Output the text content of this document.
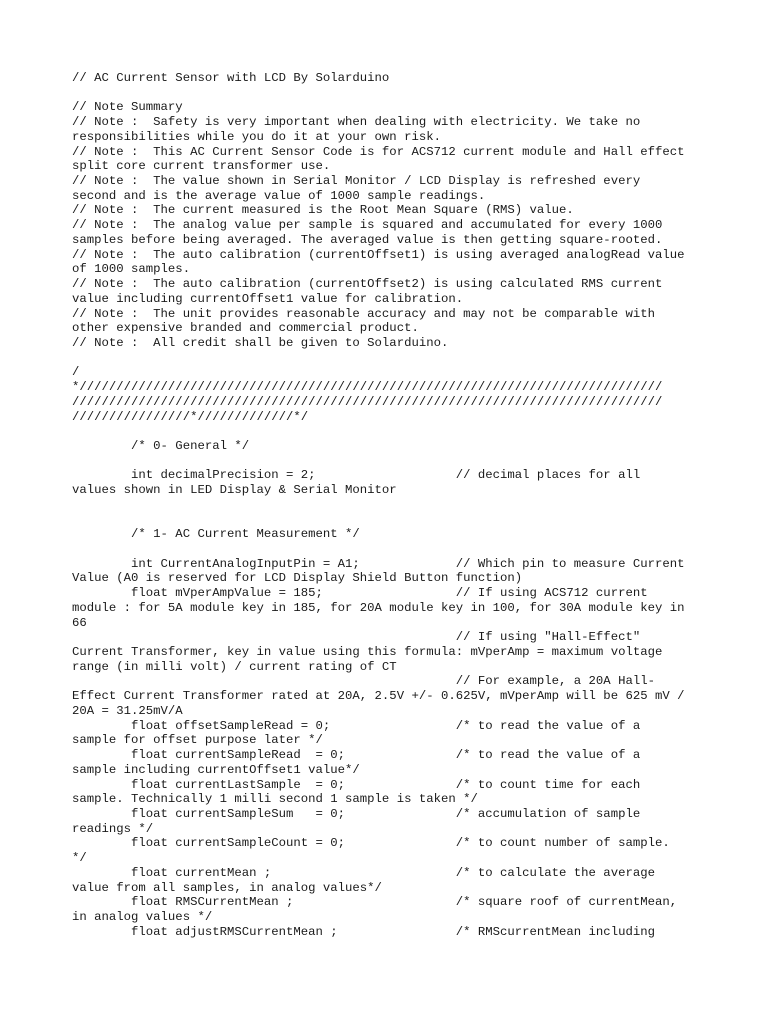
// AC Current Sensor with LCD By Solarduino
// Note Summary
// Note :  Safety is very important when dealing with electricity. We take no
responsibilities while you do it at your own risk.
// Note :  This AC Current Sensor Code is for ACS712 current module and Hall effect
split core current transformer use.
// Note :  The value shown in Serial Monitor / LCD Display is refreshed every
second and is the average value of 1000 sample readings.
// Note :  The current measured is the Root Mean Square (RMS) value.
// Note :  The analog value per sample is squared and accumulated for every 1000
samples before being averaged. The averaged value is then getting square-rooted.
// Note :  The auto calibration (currentOffset1) is using averaged analogRead value
of 1000 samples.
// Note :  The auto calibration (currentOffset2) is using calculated RMS current
value including currentOffset1 value for calibration.
// Note :  The unit provides reasonable accuracy and may not be comparable with
other expensive branded and commercial product.
// Note :  All credit shall be given to Solarduino.
/
*///////////////////////////////////////////////////////////////////////////////
////////////////////////////////////////////////////////////////////////////////
////////////////*/////////////*/
/* 0- General */
int decimalPrecision = 2;                   // decimal places for all
values shown in LED Display & Serial Monitor
/* 1- AC Current Measurement */
int CurrentAnalogInputPin = A1;             // Which pin to measure Current
Value (A0 is reserved for LCD Display Shield Button function)
float mVperAmpValue = 185;                  // If using ACS712 current
module : for 5A module key in 185, for 20A module key in 100, for 30A module key in
66
// If using "Hall-Effect"
Current Transformer, key in value using this formula: mVperAmp = maximum voltage
range (in milli volt) / current rating of CT
// For example, a 20A Hall-
Effect Current Transformer rated at 20A, 2.5V +/- 0.625V, mVperAmp will be 625 mV /
20A = 31.25mV/A
float offsetSampleRead = 0;                 /* to read the value of a
sample for offset purpose later */
float currentSampleRead  = 0;               /* to read the value of a
sample including currentOffset1 value*/
float currentLastSample  = 0;               /* to count time for each
sample. Technically 1 milli second 1 sample is taken */
float currentSampleSum   = 0;               /* accumulation of sample
readings */
float currentSampleCount = 0;               /* to count number of sample.
*/
float currentMean ;                         /* to calculate the average
value from all samples, in analog values*/
float RMSCurrentMean ;                      /* square roof of currentMean,
in analog values */
float adjustRMSCurrentMean ;                /* RMScurrentMean including
